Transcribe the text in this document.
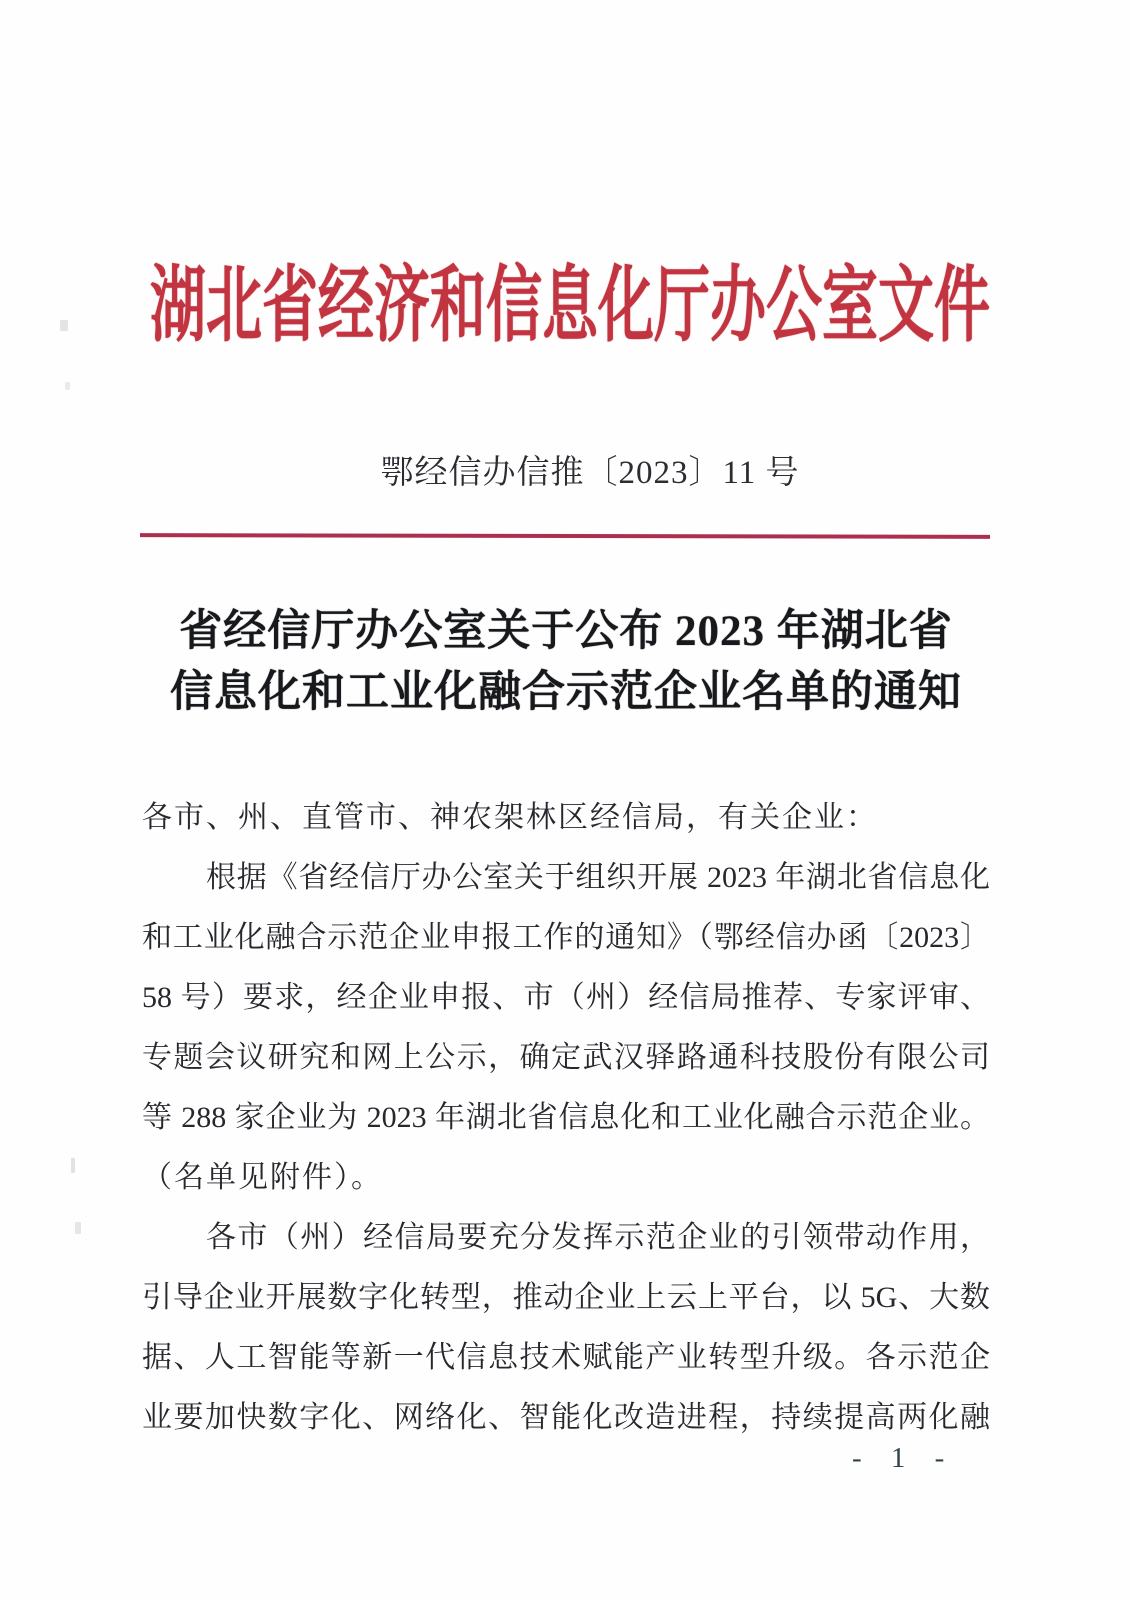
湖北省经济和信息化厅办公室文件
鄂经信办信推〔2023〕11 号
省经信厅办公室关于公布 2023 年湖北省
信息化和工业化融合示范企业名单的通知
各市、州、直管市、神农架林区经信局，有关企业：
根据《省经信厅办公室关于组织开展 2023 年湖北省信息化
和工业化融合示范企业申报工作的通知》（鄂经信办函〔2023〕
58 号）要求，经企业申报、市（州）经信局推荐、专家评审、
专题会议研究和网上公示，确定武汉驿路通科技股份有限公司
等 288 家企业为 2023 年湖北省信息化和工业化融合示范企业。
（名单见附件）。
各市（州）经信局要充分发挥示范企业的引领带动作用，
引导企业开展数字化转型，推动企业上云上平台，以 5G、大数
据、人工智能等新一代信息技术赋能产业转型升级。各示范企
业要加快数字化、网络化、智能化改造进程，持续提高两化融
- 1 -
